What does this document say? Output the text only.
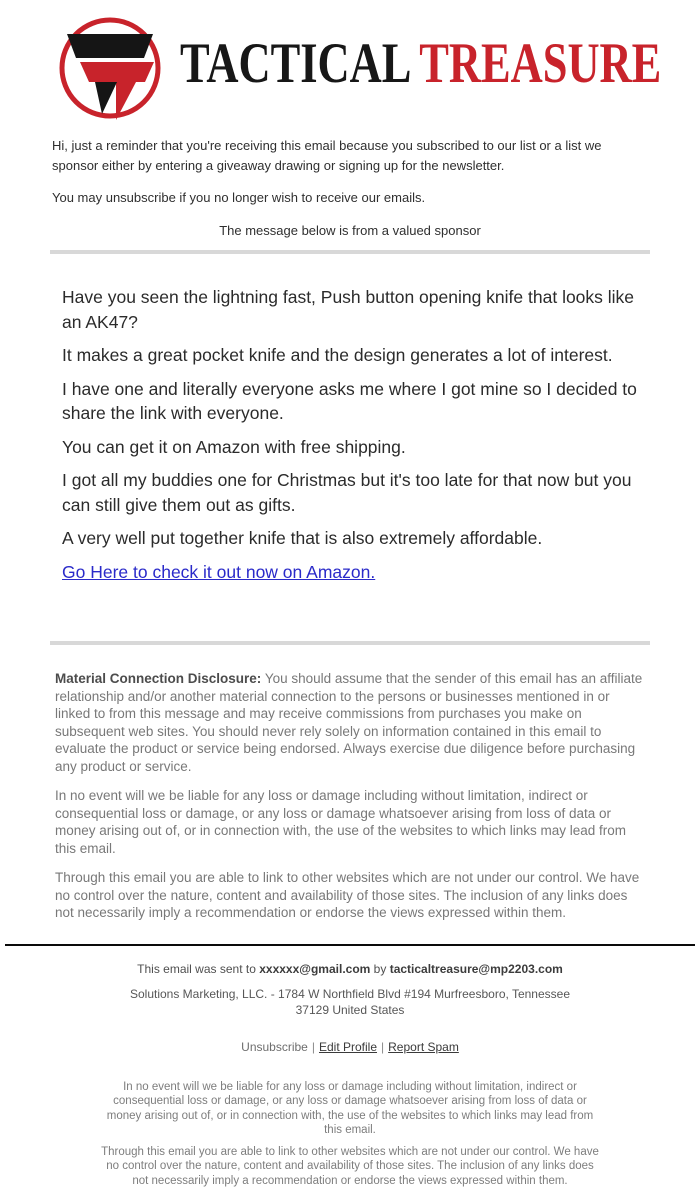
TACTICAL TREASURE

Hi, just a reminder that you're receiving this email because you subscribed to our list or a list we sponsor either by entering a giveaway drawing or signing up for the newsletter.

You may unsubscribe if you no longer wish to receive our emails.

The message below is from a valued sponsor

Have you seen the lightning fast, Push button opening knife that looks like an AK47?

It makes a great pocket knife and the design generates a lot of interest.

I have one and literally everyone asks me where I got mine so I decided to share the link with everyone.

You can get it on Amazon with free shipping.

I got all my buddies one for Christmas but it's too late for that now but you can still give them out as gifts.

A very well put together knife that is also extremely affordable.

Go Here to check it out now on Amazon.

Material Connection Disclosure: You should assume that the sender of this email has an affiliate relationship and/or another material connection to the persons or businesses mentioned in or linked to from this message and may receive commissions from purchases you make on subsequent web sites. You should never rely solely on information contained in this email to evaluate the product or service being endorsed. Always exercise due diligence before purchasing any product or service.

In no event will we be liable for any loss or damage including without limitation, indirect or consequential loss or damage, or any loss or damage whatsoever arising from loss of data or money arising out of, or in connection with, the use of the websites to which links may lead from this email.

Through this email you are able to link to other websites which are not under our control. We have no control over the nature, content and availability of those sites. The inclusion of any links does not necessarily imply a recommendation or endorse the views expressed within them.

This email was sent to xxxxxx@gmail.com by tacticaltreasure@mp2203.com

Solutions Marketing, LLC. - 1784 W Northfield Blvd #194 Murfreesboro, Tennessee
37129 United States

Unsubscribe | Edit Profile | Report Spam

In no event will we be liable for any loss or damage including without limitation, indirect or consequential loss or damage, or any loss or damage whatsoever arising from loss of data or money arising out of, or in connection with, the use of the websites to which links may lead from this email.

Through this email you are able to link to other websites which are not under our control. We have no control over the nature, content and availability of those sites. The inclusion of any links does not necessarily imply a recommendation or endorse the views expressed within them.
